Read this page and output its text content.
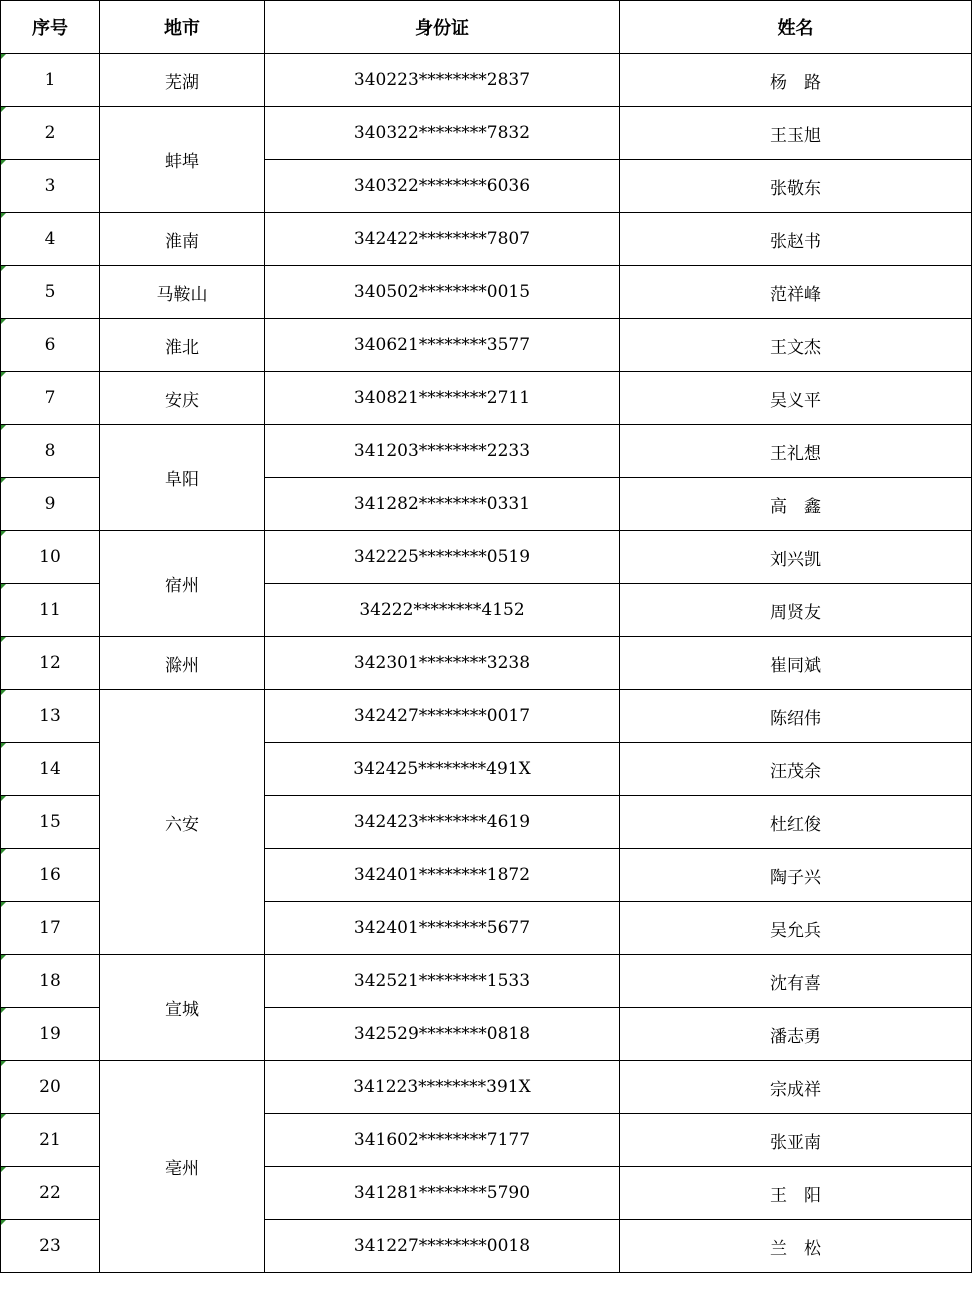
序号	地市	身份证	姓名
1	芜湖	340223********2837	杨　路
2	蚌埠	340322********7832	王玉旭
3		340322********6036	张敬东
4	淮南	342422********7807	张赵书
5	马鞍山	340502********0015	范祥峰
6	淮北	340621********3577	王文杰
7	安庆	340821********2711	吴义平
8	阜阳	341203********2233	王礼想
9		341282********0331	高　鑫
10	宿州	342225********0519	刘兴凯
11		34222********4152	周贤友
12	滁州	342301********3238	崔同斌
13	六安	342427********0017	陈绍伟
14		342425********491X	汪茂余
15		342423********4619	杜红俊
16		342401********1872	陶子兴
17		342401********5677	吴允兵
18	宣城	342521********1533	沈有喜
19		342529********0818	潘志勇
20	亳州	341223********391X	宗成祥
21		341602********7177	张亚南
22		341281********5790	王　阳
23		341227********0018	兰　松
